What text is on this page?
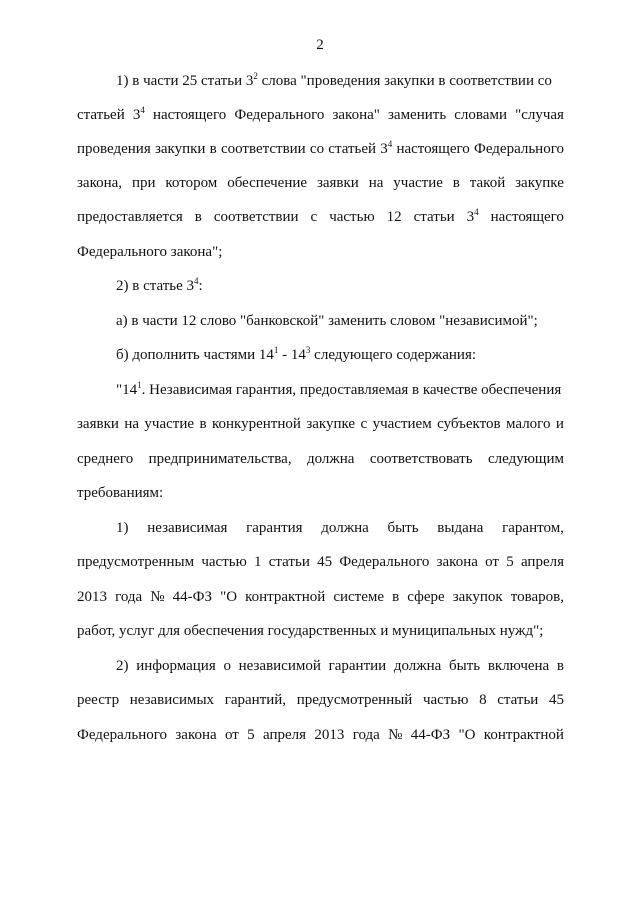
2
1) в части 25 статьи $3^2$ слова "проведения закупки в соответствии со
статьей $3^4$ настоящего Федерального закона" заменить словами "случая
проведения закупки в соответствии со статьей $3^4$ настоящего Федерального
закона, при котором обеспечение заявки на участие в такой закупке
предоставляется в соответствии с частью 12 статьи $3^4$ настоящего
Федерального закона";
2) в статье $3^4$:
а) в части 12 слово "банковской" заменить словом "независимой";
б) дополнить частями $14^1 - 14^3$ следующего содержания:
"$14^1$. Независимая гарантия, предоставляемая в качестве обеспечения
заявки на участие в конкурентной закупке с участием субъектов малого и
среднего предпринимательства, должна соответствовать следующим
требованиям:
1) независимая гарантия должна быть выдана гарантом,
предусмотренным частью 1 статьи 45 Федерального закона от 5 апреля
2013 года № 44-ФЗ "О контрактной системе в сфере закупок товаров,
работ, услуг для обеспечения государственных и муниципальных нужд";
2) информация о независимой гарантии должна быть включена в
реестр независимых гарантий, предусмотренный частью 8 статьи 45
Федерального закона от 5 апреля 2013 года № 44-ФЗ "О контрактной
